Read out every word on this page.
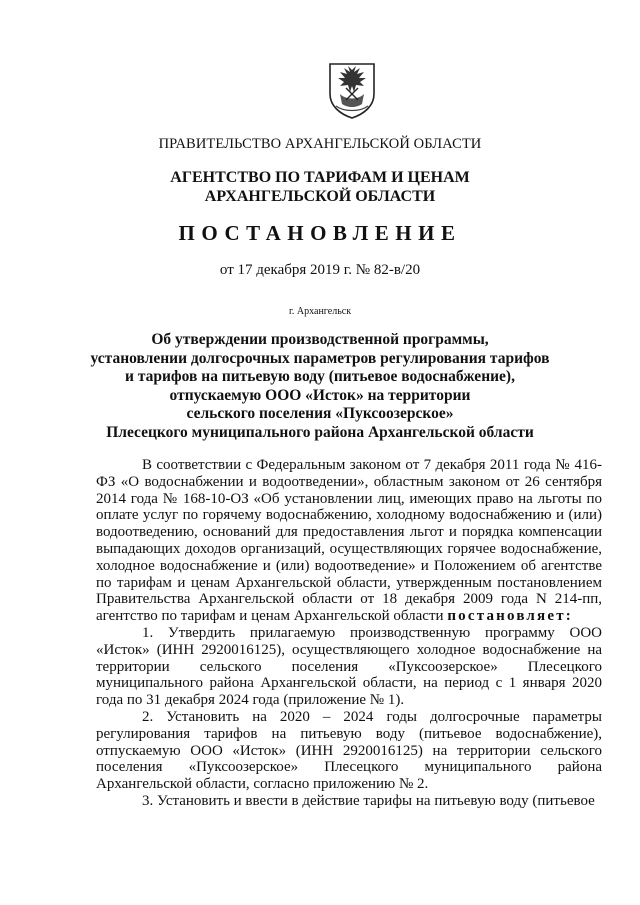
ПРАВИТЕЛЬСТВО АРХАНГЕЛЬСКОЙ ОБЛАСТИ
АГЕНТСТВО ПО ТАРИФАМ И ЦЕНАМ
АРХАНГЕЛЬСКОЙ ОБЛАСТИ
ПОСТАНОВЛЕНИЕ
от 17 декабря 2019 г. № 82-в/20
г. Архангельск
Об утверждении производственной программы,
установлении долгосрочных параметров регулирования тарифов
и тарифов на питьевую воду (питьевое водоснабжение),
отпускаемую ООО «Исток» на территории
сельского поселения «Пуксоозерское»
Плесецкого муниципального района Архангельской области

В соответствии с Федеральным законом от 7 декабря 2011 года № 416-ФЗ «О водоснабжении и водоотведении», областным законом от 26 сентября 2014 года № 168-10-ОЗ «Об установлении лиц, имеющих право на льготы по оплате услуг по горячему водоснабжению, холодному водоснабжению и (или) водоотведению, оснований для предоставления льгот и порядка компенсации выпадающих доходов организаций, осуществляющих горячее водоснабжение, холодное водоснабжение и (или) водоотведение» и Положением об агентстве по тарифам и ценам Архангельской области, утвержденным постановлением Правительства Архангельской области от 18 декабря 2009 года N 214-пп, агентство по тарифам и ценам Архангельской области постановляет:

1. Утвердить прилагаемую производственную программу ООО «Исток» (ИНН 2920016125), осуществляющего холодное водоснабжение на территории сельского поселения «Пуксоозерское» Плесецкого муниципального района Архангельской области, на период с 1 января 2020 года по 31 декабря 2024 года (приложение № 1).

2. Установить на 2020 – 2024 годы долгосрочные параметры регулирования тарифов на питьевую воду (питьевое водоснабжение), отпускаемую ООО «Исток» (ИНН 2920016125) на территории сельского поселения «Пуксоозерское» Плесецкого муниципального района Архангельской области, согласно приложению № 2.

3. Установить и ввести в действие тарифы на питьевую воду (питьевое
